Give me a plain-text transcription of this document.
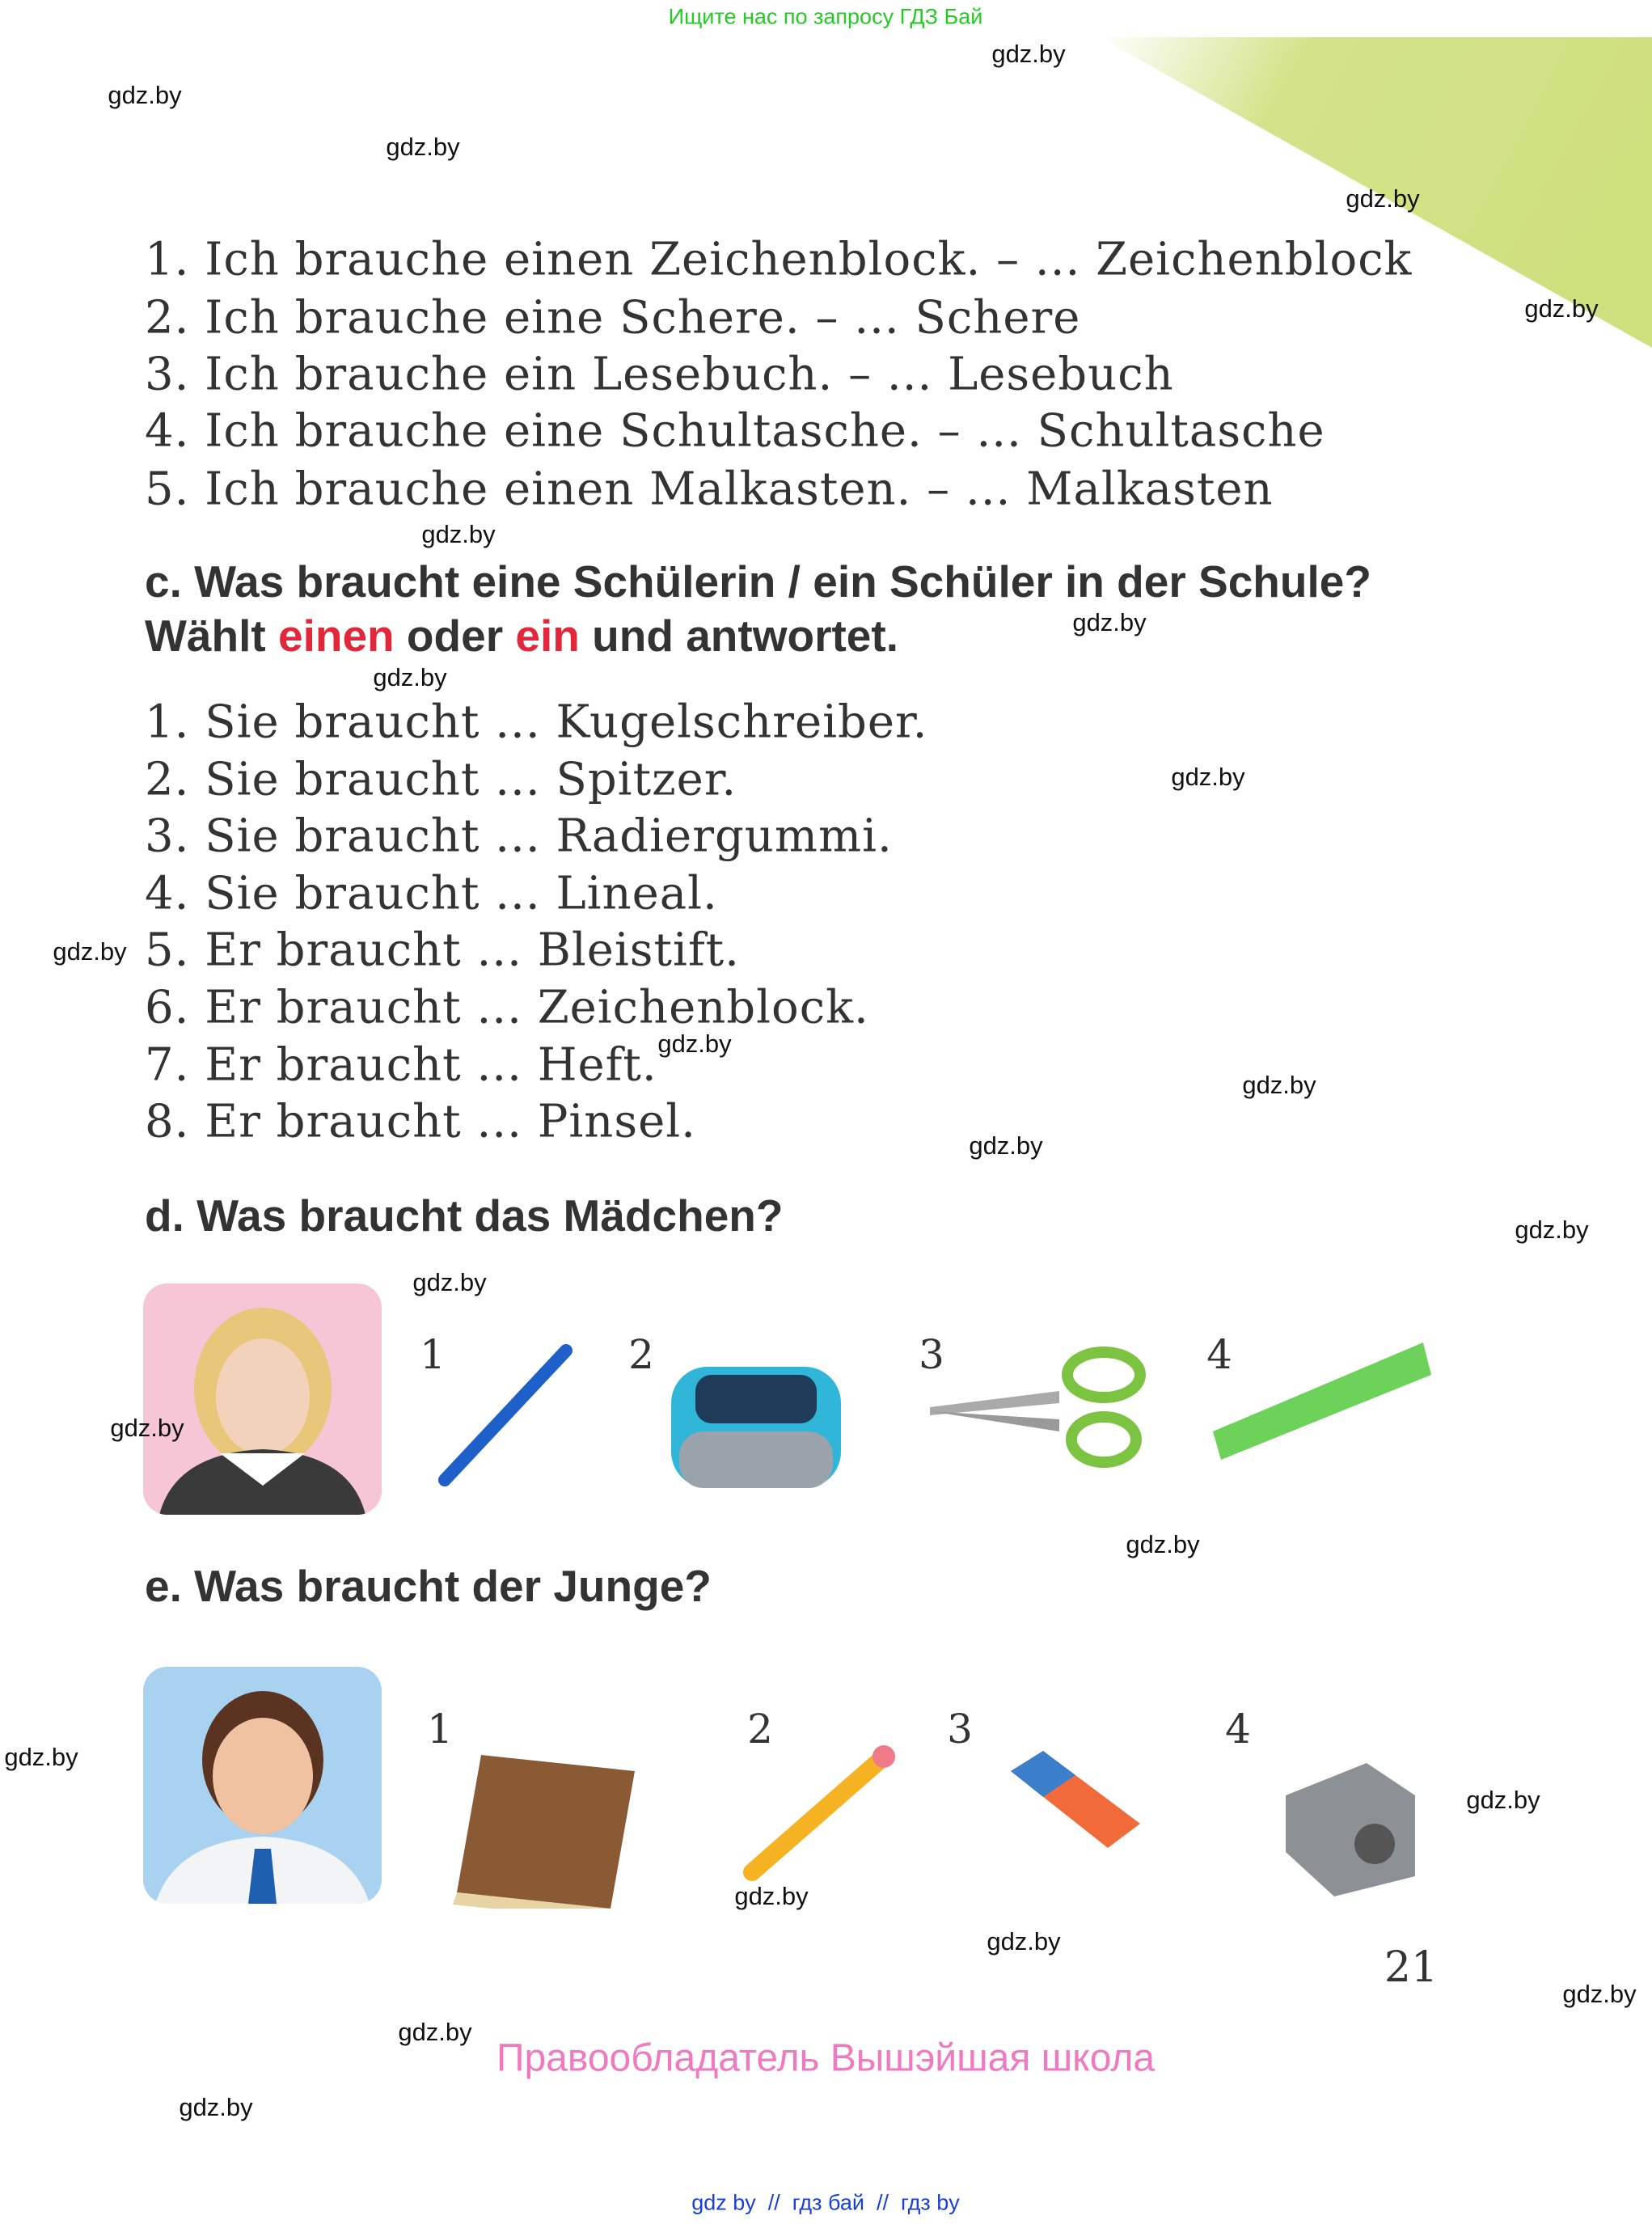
Ищите нас по запросу ГДЗ Бай
1. Ich brauche einen Zeichenblock. – ... Zeichenblock
2. Ich brauche eine Schere. – ... Schere
3. Ich brauche ein Lesebuch. – ... Lesebuch
4. Ich brauche eine Schultasche. – ... Schultasche
5. Ich brauche einen Malkasten. – ... Malkasten
c. Was braucht eine Schülerin / ein Schüler in der Schule?
Wählt einen oder ein und antwortet.
1. Sie braucht ... Kugelschreiber.
2. Sie braucht ... Spitzer.
3. Sie braucht ... Radiergummi.
4. Sie braucht ... Lineal.
5. Er braucht ... Bleistift.
6. Er braucht ... Zeichenblock.
7. Er braucht ... Heft.
8. Er braucht ... Pinsel.
d. Was braucht das Mädchen?
1	2	3	4
e. Was braucht der Junge?
1	2	3	4
21
Правообладатель Вышэйшая школа
gdz by  //  гдз бай  //  гдз by
gdz.by
gdz.by
gdz.by
gdz.by
gdz.by
gdz.by
gdz.by
gdz.by
gdz.by
gdz.by
gdz.by
gdz.by
gdz.by
gdz.by
gdz.by
gdz.by
gdz.by
gdz.by
gdz.by
gdz.by
gdz.by
gdz.by
gdz.by
gdz.by
